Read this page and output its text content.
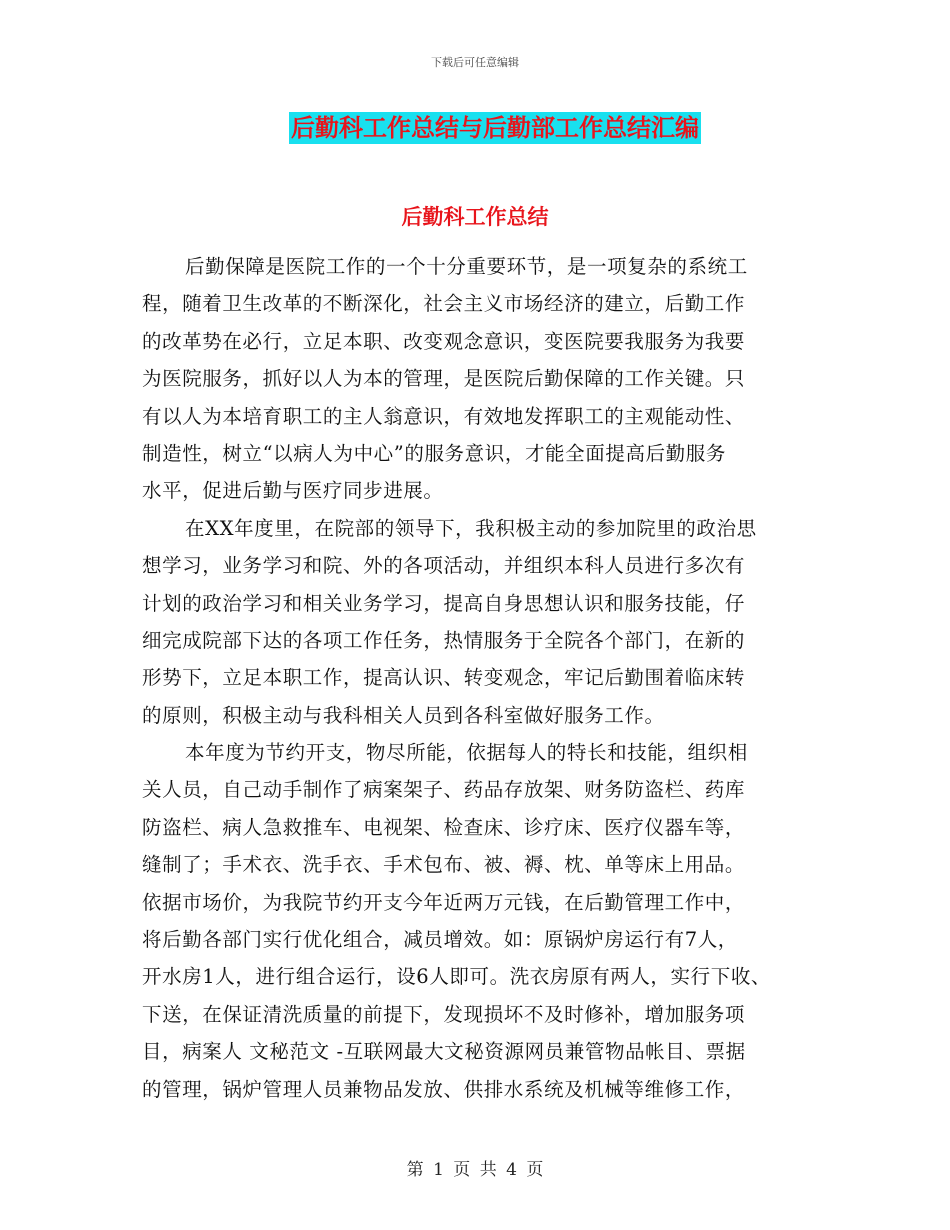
下载后可任意编辑
后勤科工作总结与后勤部工作总结汇编
后勤科工作总结
后勤保障是医院工作的一个十分重要环节，是一项复杂的系统工
程，随着卫生改革的不断深化，社会主义市场经济的建立，后勤工作
的改革势在必行，立足本职、改变观念意识，变医院要我服务为我要
为医院服务，抓好以人为本的管理，是医院后勤保障的工作关键。只
有以人为本培育职工的主人翁意识，有效地发挥职工的主观能动性、
制造性，树立“以病人为中心”的服务意识，才能全面提高后勤服务
水平，促进后勤与医疗同步进展。
在XX年度里，在院部的领导下，我积极主动的参加院里的政治思
想学习，业务学习和院、外的各项活动，并组织本科人员进行多次有
计划的政治学习和相关业务学习，提高自身思想认识和服务技能，仔
细完成院部下达的各项工作任务，热情服务于全院各个部门，在新的
形势下，立足本职工作，提高认识、转变观念，牢记后勤围着临床转
的原则，积极主动与我科相关人员到各科室做好服务工作。
本年度为节约开支，物尽所能，依据每人的特长和技能，组织相
关人员，自己动手制作了病案架子、药品存放架、财务防盗栏、药库
防盗栏、病人急救推车、电视架、检查床、诊疗床、医疗仪器车等，
缝制了；手术衣、洗手衣、手术包布、被、褥、枕、单等床上用品。
依据市场价，为我院节约开支今年近两万元钱，在后勤管理工作中，
将后勤各部门实行优化组合，减员增效。如：原锅炉房运行有7人，
开水房1人，进行组合运行，设6人即可。洗衣房原有两人，实行下收、
下送，在保证清洗质量的前提下，发现损坏不及时修补，增加服务项
目，病案人 文秘范文 -互联网最大文秘资源网员兼管物品帐目、票据
的管理，锅炉管理人员兼物品发放、供排水系统及机械等维修工作，
第 1 页 共 4 页
